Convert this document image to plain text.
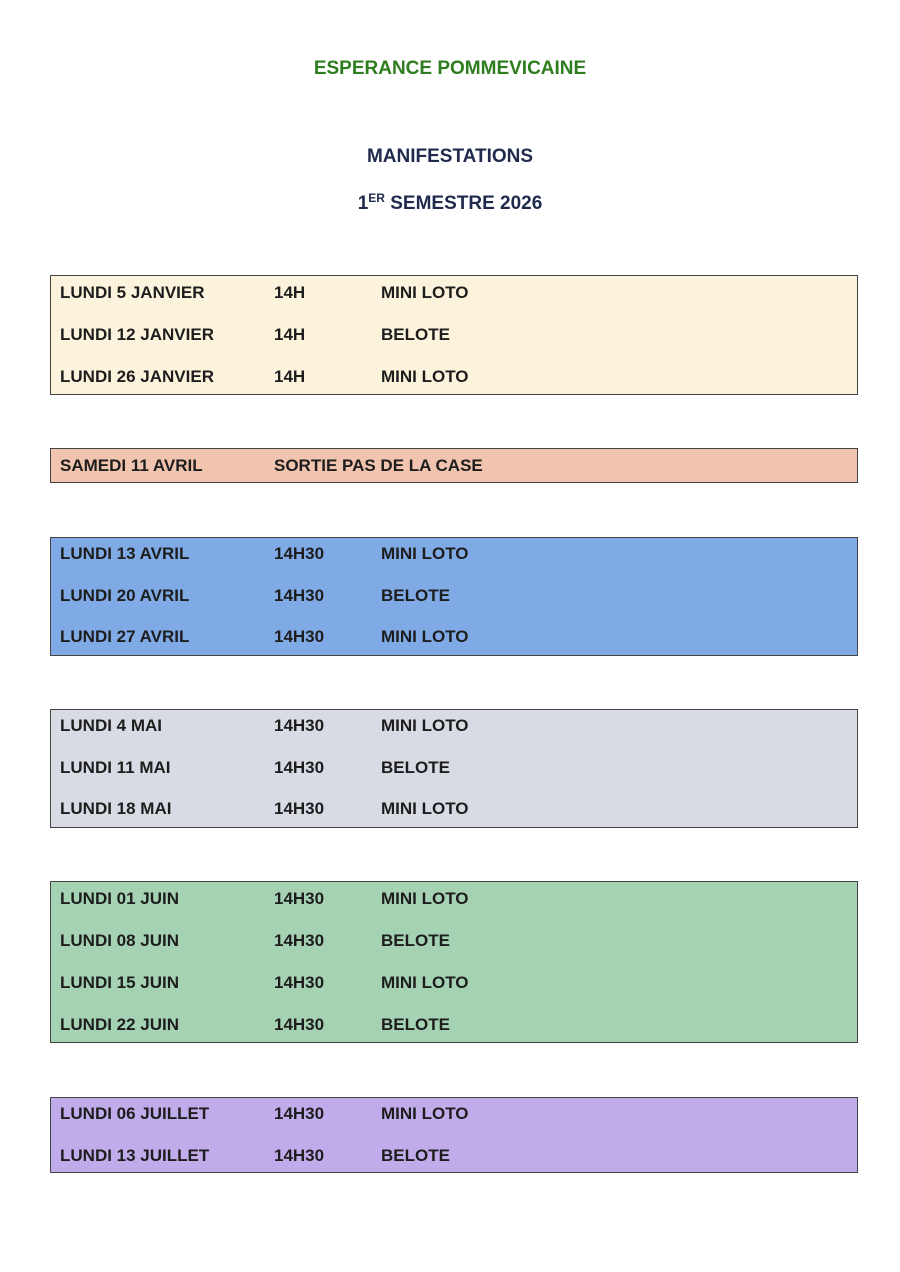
ESPERANCE POMMEVICAINE
MANIFESTATIONS
1ER SEMESTRE 2026
LUNDI 5 JANVIER	14H	MINI LOTO
LUNDI 12 JANVIER	14H	BELOTE
LUNDI 26 JANVIER	14H	MINI LOTO
SAMEDI 11 AVRIL	SORTIE PAS DE LA CASE
LUNDI 13 AVRIL	14H30	MINI LOTO
LUNDI 20 AVRIL	14H30	BELOTE
LUNDI 27 AVRIL	14H30	MINI LOTO
LUNDI 4 MAI	14H30	MINI LOTO
LUNDI 11 MAI	14H30	BELOTE
LUNDI 18 MAI	14H30	MINI LOTO
LUNDI 01 JUIN	14H30	MINI LOTO
LUNDI 08 JUIN	14H30	BELOTE
LUNDI 15 JUIN	14H30	MINI LOTO
LUNDI 22 JUIN	14H30	BELOTE
LUNDI 06 JUILLET	14H30	MINI LOTO
LUNDI 13 JUILLET	14H30	BELOTE
